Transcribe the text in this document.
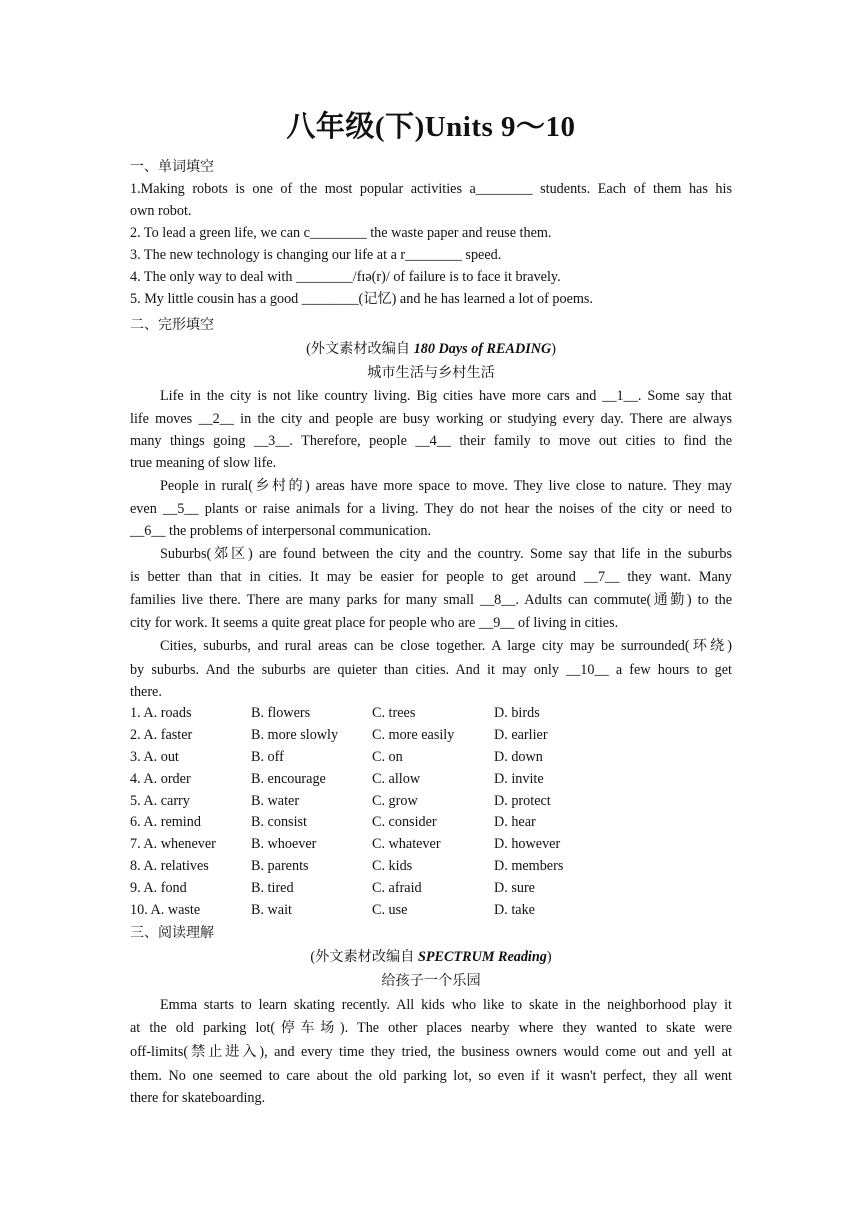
八年级(下)Units 9～10
一、单词填空
1.Making robots is one of the most popular activities a________ students. Each of them has his
own robot.
2. To lead a green life, we can c________ the waste paper and reuse them.
3. The new technology is changing our life at a r________ speed.
4. The only way to deal with ________/fɪə(r)/ of failure is to face it bravely.
5. My little cousin has a good ________(记忆) and he has learned a lot of poems.
二、完形填空
(外文素材改编自 180 Days of READING)
城市生活与乡村生活
Life in the city is not like country living. Big cities have more cars and __1__. Some say that
life moves __2__ in the city and people are busy working or studying every day. There are always
many things going __3__. Therefore, people __4__ their family to move out cities to find the
true meaning of slow life.
People in rural(乡村的) areas have more space to move. They live close to nature. They may
even __5__ plants or raise animals for a living. They do not hear the noises of the city or need to
__6__ the problems of interpersonal communication.
Suburbs(郊区) are found between the city and the country. Some say that life in the suburbs
is better than that in cities. It may be easier for people to get around __7__ they want. Many
families live there. There are many parks for many small __8__. Adults can commute(通勤) to the
city for work. It seems a quite great place for people who are __9__ of living in cities.
Cities, suburbs, and rural areas can be close together. A large city may be surrounded(环绕)
by suburbs. And the suburbs are quieter than cities. And it may only __10__ a few hours to get
there.
1. A. roads	B. flowers	C. trees	D. birds
2. A. faster	B. more slowly C. more easily	D. earlier
3. A. out	B. off	C. on	D. down
4. A. order	B. encourage	C. allow	D. invite
5. A. carry	B. water	C. grow	D. protect
6. A. remind	B. consist	C. consider	D. hear
7. A. whenever B. whoever	C. whatever	D. however
8. A. relatives	B. parents	C. kids	D. members
9. A. fond	B. tired	C. afraid	D. sure
10. A. waste	B. wait	C. use	D. take
三、阅读理解
(外文素材改编自 SPECTRUM Reading)
给孩子一个乐园
Emma starts to learn skating recently. All kids who like to skate in the neighborhood play it
at the old parking lot(停车场). The other places nearby where they wanted to skate were
off-limits(禁止进入), and every time they tried, the business owners would come out and yell at
them. No one seemed to care about the old parking lot, so even if it wasn't perfect, they all went
there for skateboarding.
